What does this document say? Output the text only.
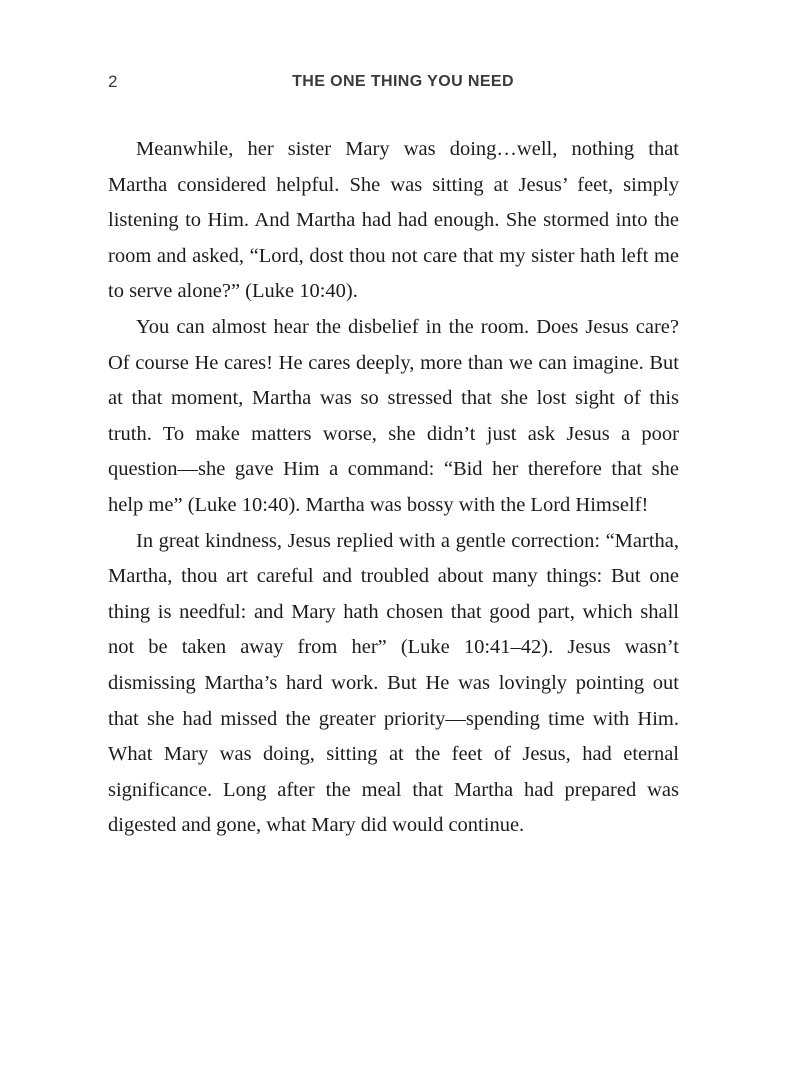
2	THE ONE THING YOU NEED

Meanwhile, her sister Mary was doing…well, nothing that Martha considered helpful. She was sitting at Jesus’ feet, simply listening to Him. And Martha had had enough. She stormed into the room and asked, “Lord, dost thou not care that my sister hath left me to serve alone?” (Luke 10:40).

You can almost hear the disbelief in the room. Does Jesus care? Of course He cares! He cares deeply, more than we can imagine. But at that moment, Martha was so stressed that she lost sight of this truth. To make matters worse, she didn’t just ask Jesus a poor question—she gave Him a command: “Bid her therefore that she help me” (Luke 10:40). Martha was bossy with the Lord Himself!

In great kindness, Jesus replied with a gentle correction: “Martha, Martha, thou art careful and troubled about many things: But one thing is needful: and Mary hath chosen that good part, which shall not be taken away from her” (Luke 10:41–42). Jesus wasn’t dismissing Martha’s hard work. But He was lovingly pointing out that she had missed the greater priority—spending time with Him. What Mary was doing, sitting at the feet of Jesus, had eternal significance. Long after the meal that Martha had prepared was digested and gone, what Mary did would continue.
